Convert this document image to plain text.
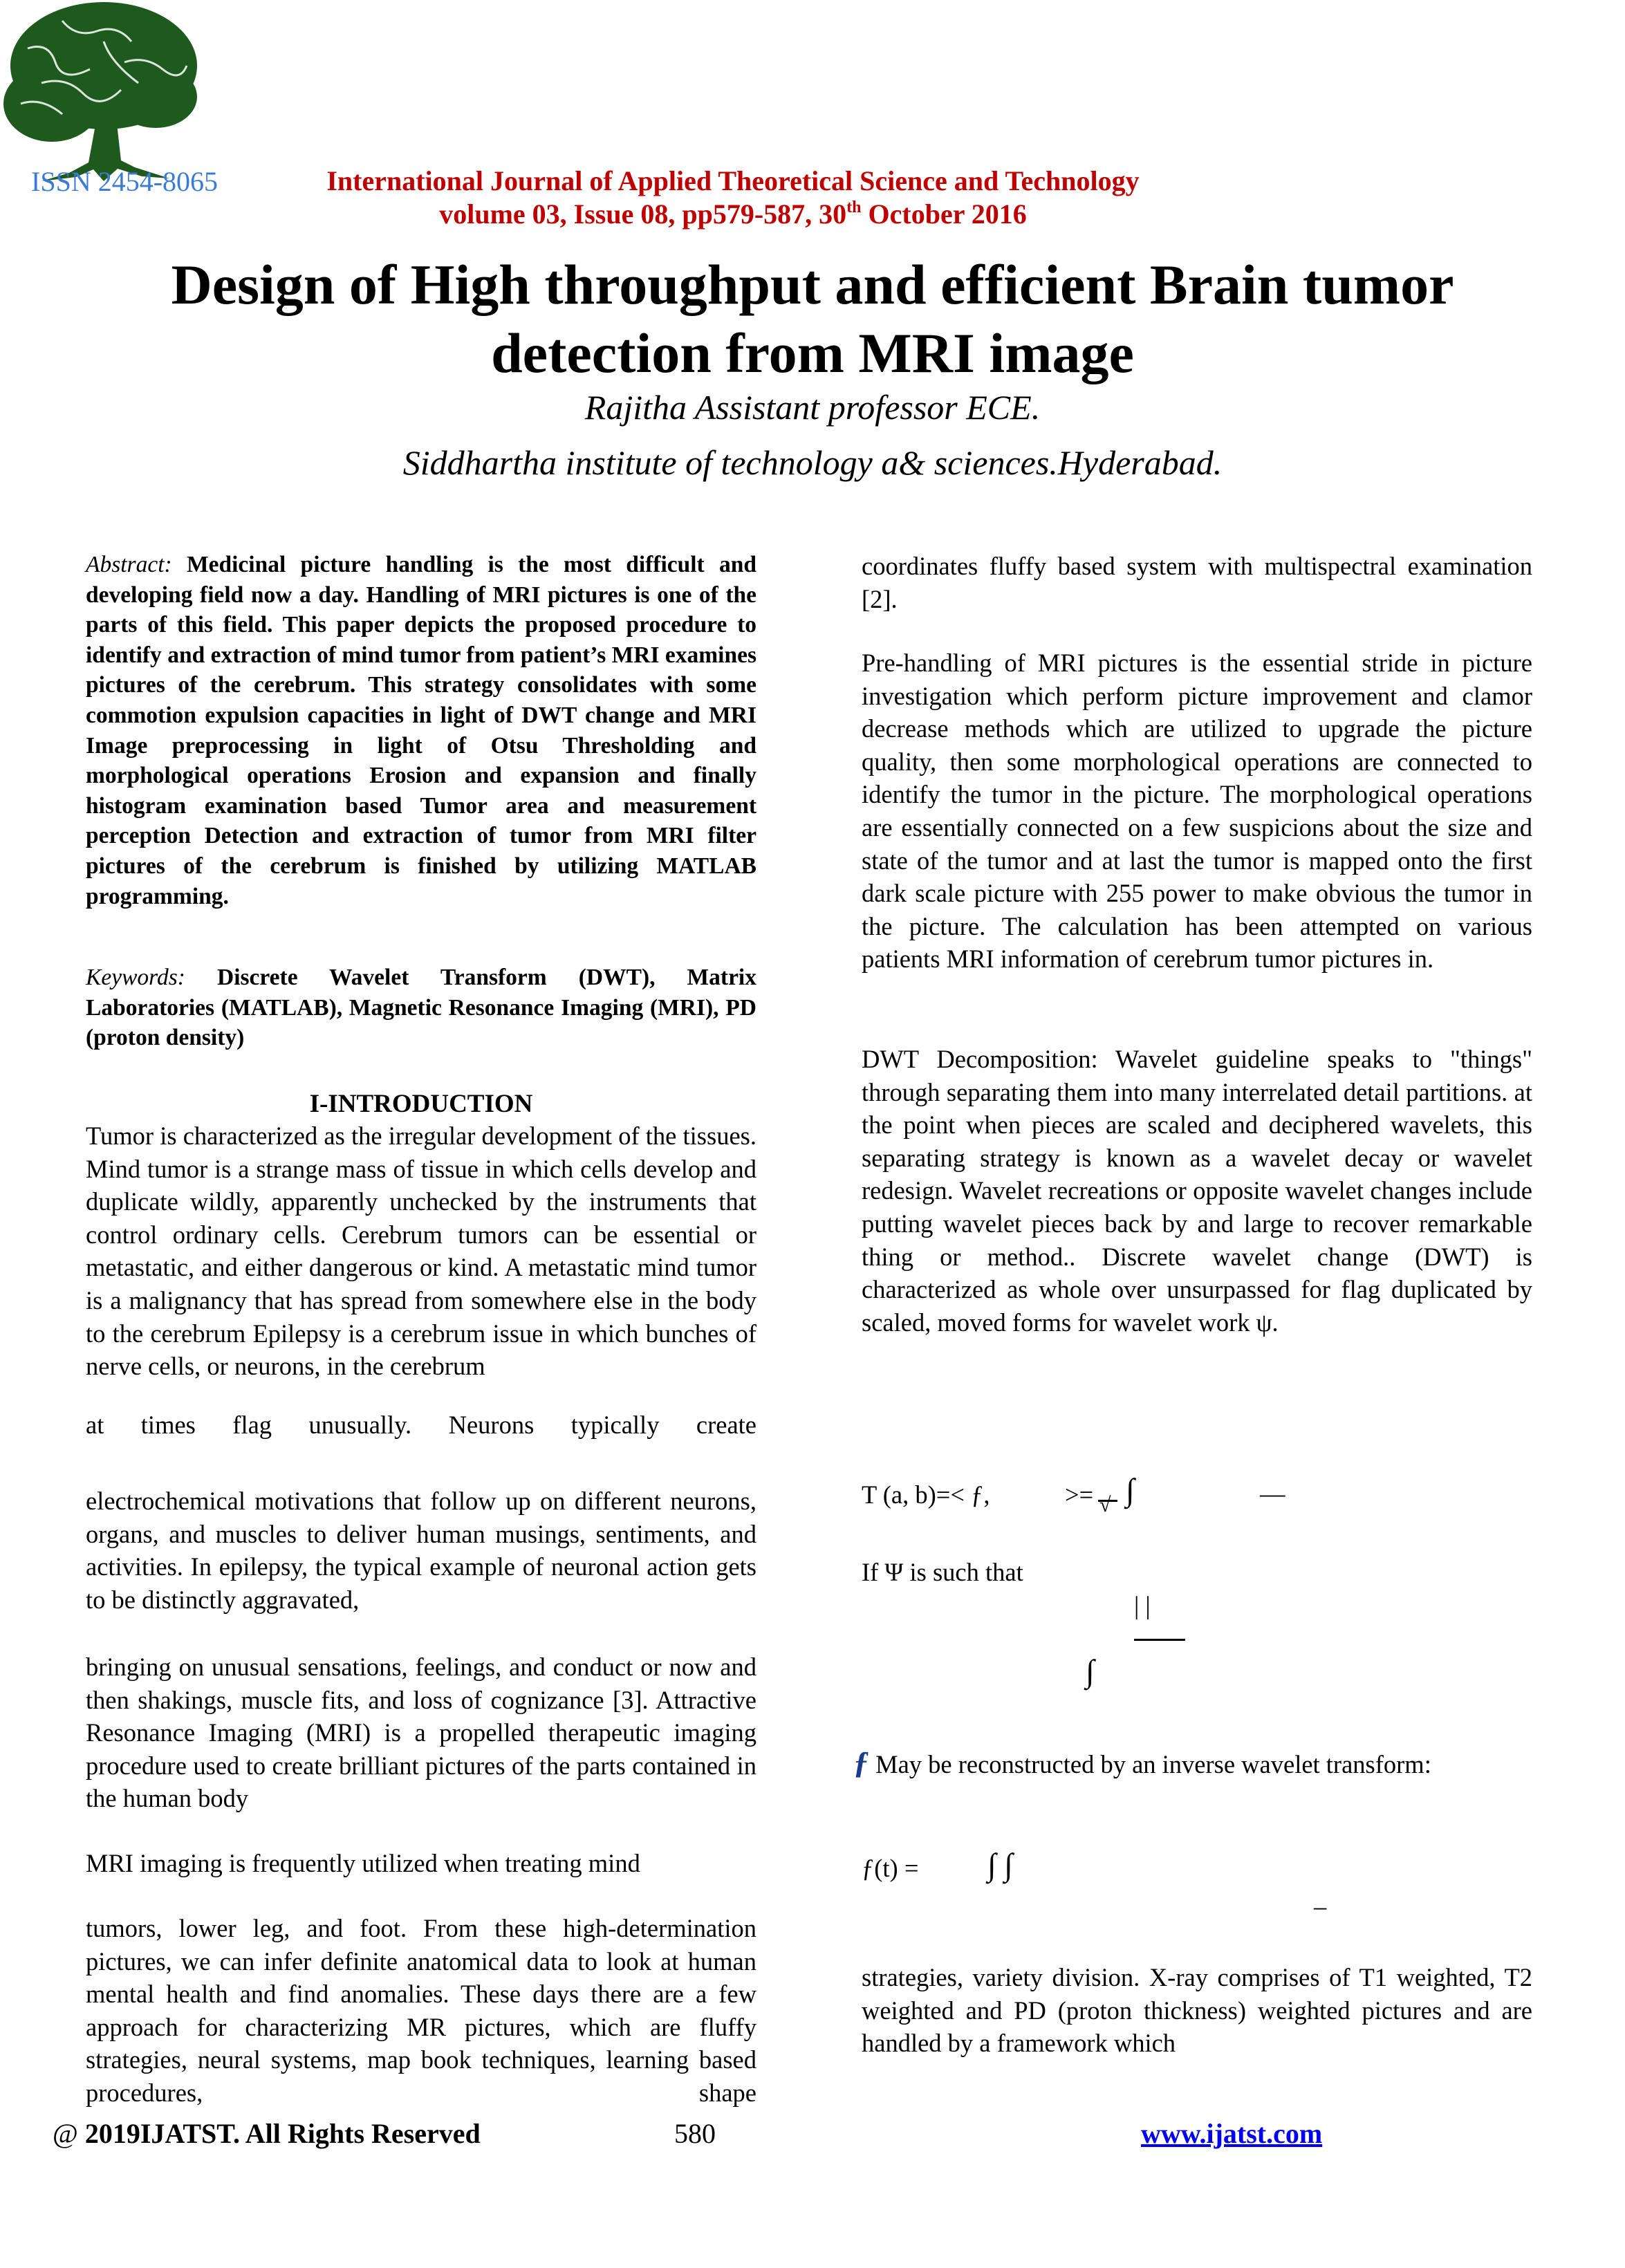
ISSN 2454-8065	International Journal of Applied Theoretical Science and Technology
volume 03, Issue 08, pp579-587, 30th October 2016
Design of High throughput and efficient Brain tumor
detection from MRI image
Rajitha Assistant professor ECE.
Siddhartha institute of technology a& sciences.Hyderabad.

Abstract: Medicinal picture handling is the most difficult and developing field now a day. Handling of MRI pictures is one of the parts of this field. This paper depicts the proposed procedure to identify and extraction of mind tumor from patient’s MRI examines pictures of the cerebrum. This strategy consolidates with some commotion expulsion capacities in light of DWT change and MRI Image preprocessing in light of Otsu Thresholding and morphological operations Erosion and expansion and finally histogram examination based Tumor area and measurement perception Detection and extraction of tumor from MRI filter pictures of the cerebrum is finished by utilizing MATLAB programming.

Keywords: Discrete Wavelet Transform (DWT), Matrix Laboratories (MATLAB), Magnetic Resonance Imaging (MRI), PD (proton density)

I-INTRODUCTION

Tumor is characterized as the irregular development of the tissues. Mind tumor is a strange mass of tissue in which cells develop and duplicate wildly, apparently unchecked by the instruments that control ordinary cells. Cerebrum tumors can be essential or metastatic, and either dangerous or kind. A metastatic mind tumor is a malignancy that has spread from somewhere else in the body to the cerebrum Epilepsy is a cerebrum issue in which bunches of nerve cells, or neurons, in the cerebrum

at times flag unusually. Neurons typically create

electrochemical motivations that follow up on different neurons, organs, and muscles to deliver human musings, sentiments, and activities. In epilepsy, the typical example of neuronal action gets to be distinctly aggravated,

bringing on unusual sensations, feelings, and conduct or now and then shakings, muscle fits, and loss of cognizance [3]. Attractive Resonance Imaging (MRI) is a propelled therapeutic imaging procedure used to create brilliant pictures of the parts contained in the human body

MRI imaging is frequently utilized when treating mind

tumors, lower leg, and foot. From these high-determination pictures, we can infer definite anatomical data to look at human mental health and find anomalies. These days there are a few approach for characterizing MR pictures, which are fluffy strategies, neural systems, map book techniques, learning based procedures, shape

coordinates fluffy based system with multispectral examination [2].

Pre-handling of MRI pictures is the essential stride in picture investigation which perform picture improvement and clamor decrease methods which are utilized to upgrade the picture quality, then some morphological operations are connected to identify the tumor in the picture. The morphological operations are essentially connected on a few suspicions about the size and state of the tumor and at last the tumor is mapped onto the first dark scale picture with 255 power to make obvious the tumor in the picture. The calculation has been attempted on various patients MRI information of cerebrum tumor pictures in.

DWT Decomposition: Wavelet guideline speaks to "things" through separating them into many interrelated detail partitions. at the point when pieces are scaled and deciphered wavelets, this separating strategy is known as a wavelet decay or wavelet redesign. Wavelet recreations or opposite wavelet changes include putting wavelet pieces back by and large to recover remarkable thing or method.. Discrete wavelet change (DWT) is characterized as whole over unsurpassed for flag duplicated by scaled, moved forms for wavelet work ψ.

T (a, b)=< ƒ,	>= √ ∫	—
If Ψ is such that
| |
∫
ƒ May be reconstructed by an inverse wavelet transform:
ƒ(t) = ∫ ∫
‒

strategies, variety division. X-ray comprises of T1 weighted, T2 weighted and PD (proton thickness) weighted pictures and are handled by a framework which

@ 2019IJATST. All Rights Reserved	580	www.ijatst.com
